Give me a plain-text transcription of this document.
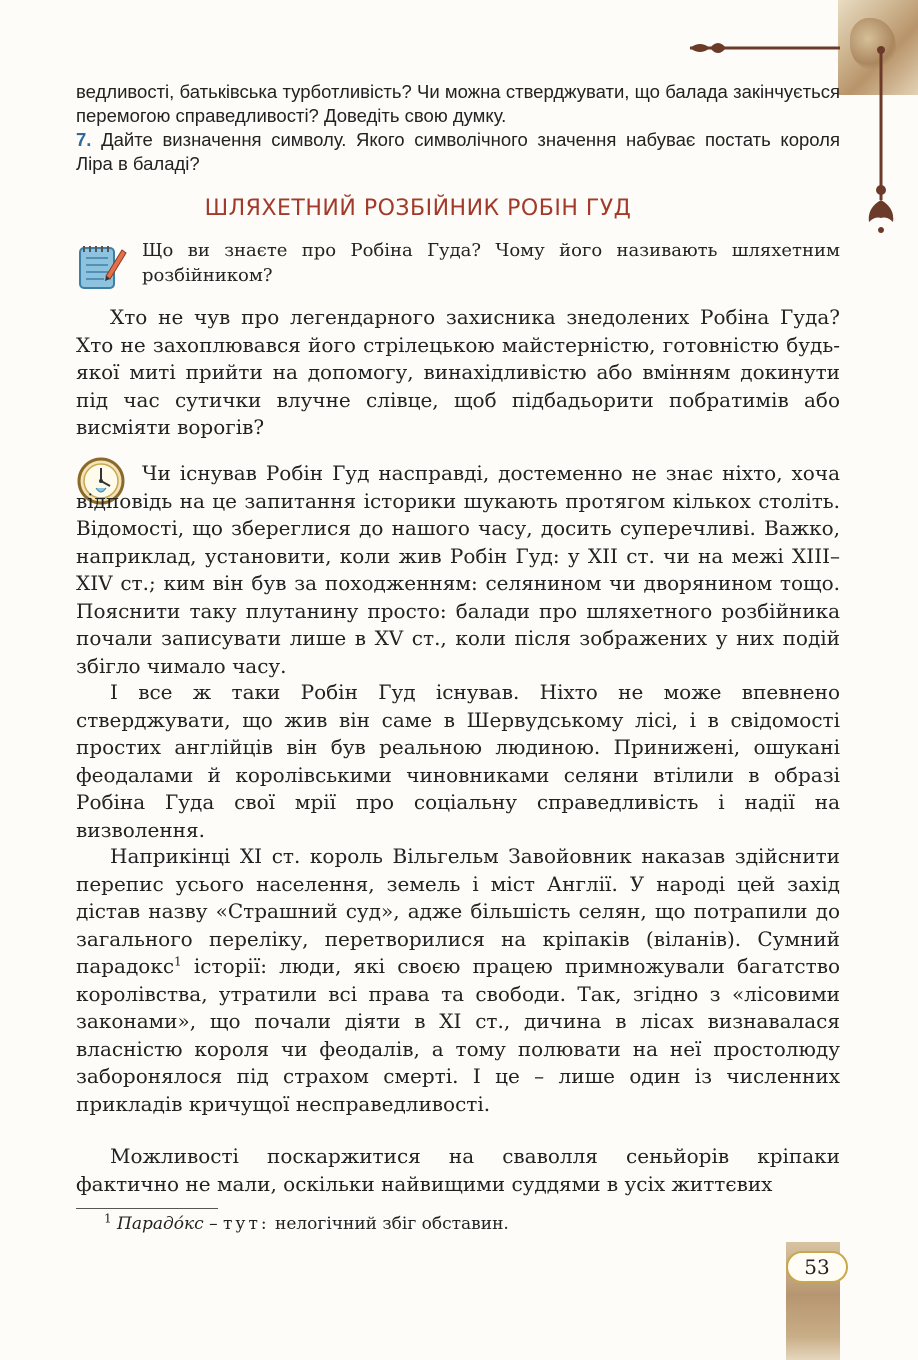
ведливості, батьківська турботливість? Чи можна стверджувати, що балада закінчується перемогою справедливості? Доведіть свою думку.

7. Дайте визначення символу. Якого символічного значення набуває постать короля Ліра в баладі?

ШЛЯХЕТНИЙ РОЗБІЙНИК РОБІН ГУД

Що ви знаєте про Робіна Гуда? Чому його називають шляхетним розбійником?

Хто не чув про легендарного захисника знедолених Робіна Гуда? Хто не захоплювався його стрілецькою майстерністю, готовністю будь-якої миті прийти на допомогу, винахідливістю або вмінням докинути під час сутички влучне слівце, щоб підбадьорити побратимів або висміяти ворогів?

Чи існував Робін Гуд насправді, достеменно не знає ніхто, хоча відповідь на це запитання історики шукають протягом кількох століть. Відомості, що збереглися до нашого часу, досить суперечливі. Важко, наприклад, установити, коли жив Робін Гуд: у XII ст. чи на межі XIII–XIV ст.; ким він був за походженням: селянином чи дворянином тощо. Пояснити таку плутанину просто: балади про шляхетного розбійника почали записувати лише в XV ст., коли після зображених у них подій збігло чимало часу.

І все ж таки Робін Гуд існував. Ніхто не може впевнено стверджувати, що жив він саме в Шервудському лісі, і в свідомості простих англійців він був реальною людиною. Принижені, ошукані феодалами й королівськими чиновниками селяни втілили в образі Робіна Гуда свої мрії про соціальну справедливість і надії на визволення.

Наприкінці XI ст. король Вільгельм Завойовник наказав здійснити перепис усього населення, земель і міст Англії. У народі цей захід дістав назву «Страшний суд», адже більшість селян, що потрапили до загального переліку, перетворилися на кріпаків (віланів). Сумний парадокс$^1$ історії: люди, які своєю працею примножували багатство королівства, утратили всі права та свободи. Так, згідно з «лісовими законами», що почали діяти в XI ст., дичина в лісах визнавалася власністю короля чи феодалів, а тому полювати на неї простолюду заборонялося під страхом смерті. І це – лише один із численних прикладів кричущої несправедливості.

Можливості поскаржитися на сваволля сеньйорів кріпаки фактично не мали, оскільки найвищими суддями в усіх життєвих

$^1$ Парадо́кс – тут: нелогічний збіг обставин.

53
